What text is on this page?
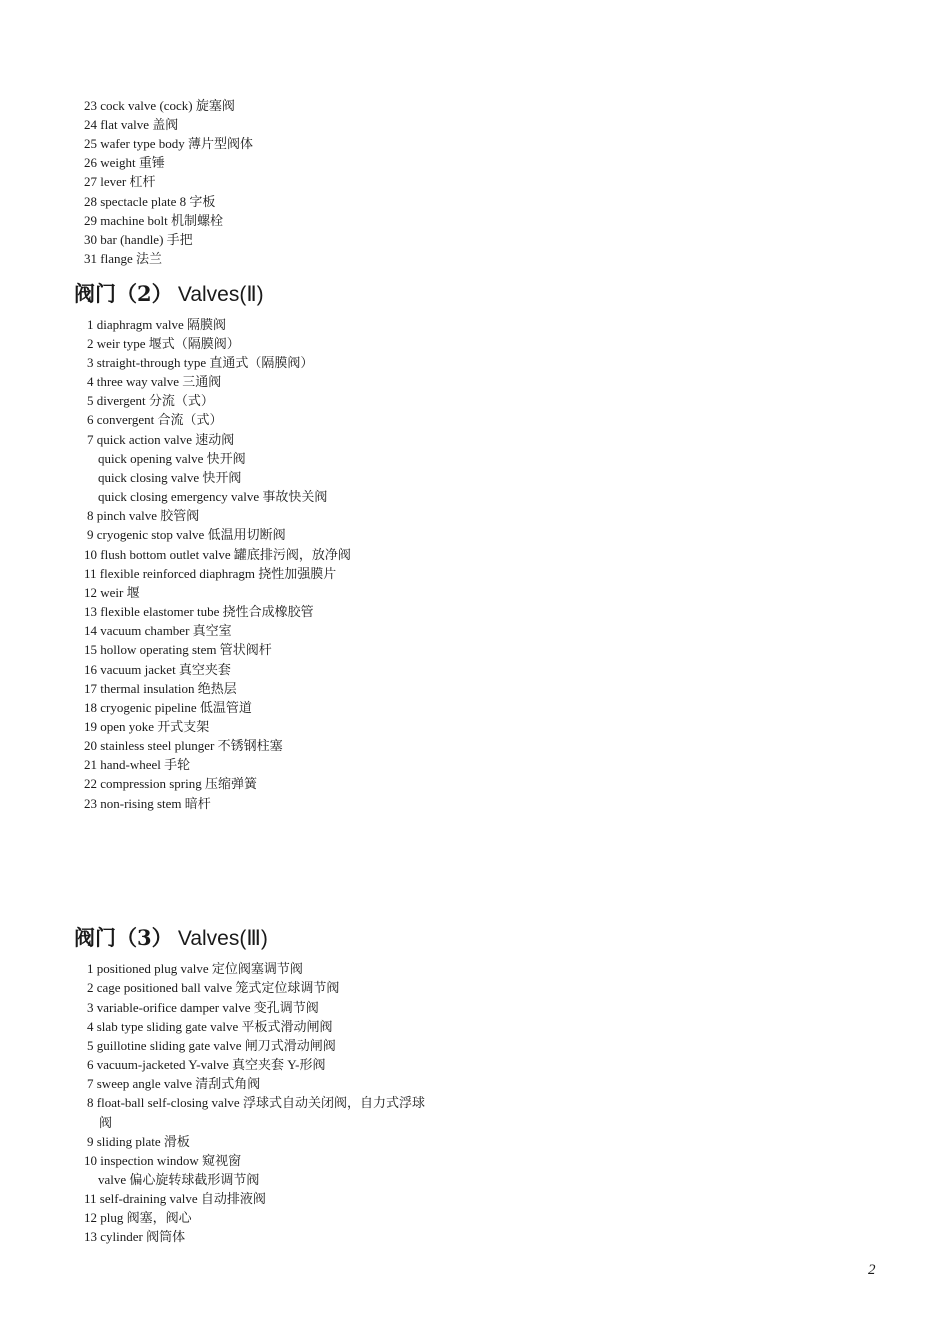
23 cock valve (cock) 旋塞阀
24 flat valve 盖阀
25 wafer type body 薄片型阀体
26 weight 重锤
27 lever 杠杆
28 spectacle plate 8 字板
29 machine bolt 机制螺栓
30 bar (handle) 手把
31 flange 法兰
阀门（2） Valves(Ⅱ)
1 diaphragm valve 隔膜阀
2 weir type 堰式（隔膜阀）
3 straight-through type 直通式（隔膜阀）
4 three way valve 三通阀
5 divergent 分流（式）
6 convergent 合流（式）
7 quick action valve 速动阀
quick opening valve 快开阀
quick closing valve 快开阀
quick closing emergency valve 事故快关阀
8 pinch valve 胶管阀
9 cryogenic stop valve 低温用切断阀
10 flush bottom outlet valve 罐底排污阀，放净阀
11 flexible reinforced diaphragm 挠性加强膜片
12 weir 堰
13 flexible elastomer tube 挠性合成橡胶管
14 vacuum chamber 真空室
15 hollow operating stem 管状阀杆
16 vacuum jacket 真空夹套
17 thermal insulation 绝热层
18 cryogenic pipeline 低温管道
19 open yoke 开式支架
20 stainless steel plunger 不锈钢柱塞
21 hand-wheel 手轮
22 compression spring 压缩弹簧
23 non-rising stem 暗杆
阀门（3） Valves(Ⅲ)
1 positioned plug valve 定位阀塞调节阀
2 cage positioned ball valve 笼式定位球调节阀
3 variable-orifice damper valve 变孔调节阀
4 slab type sliding gate valve 平板式滑动闸阀
5 guillotine sliding gate valve 闸刀式滑动闸阀
6 vacuum-jacketed Y-valve 真空夹套 Y-形阀
7 sweep angle valve 清刮式角阀
8 float-ball self-closing valve 浮球式自动关闭阀，自力式浮球
阀
9 sliding plate 滑板
10 inspection window 窥视窗
valve 偏心旋转球截形调节阀
11 self-draining valve 自动排液阀
12 plug 阀塞，阀心
13 cylinder 阀筒体
2
